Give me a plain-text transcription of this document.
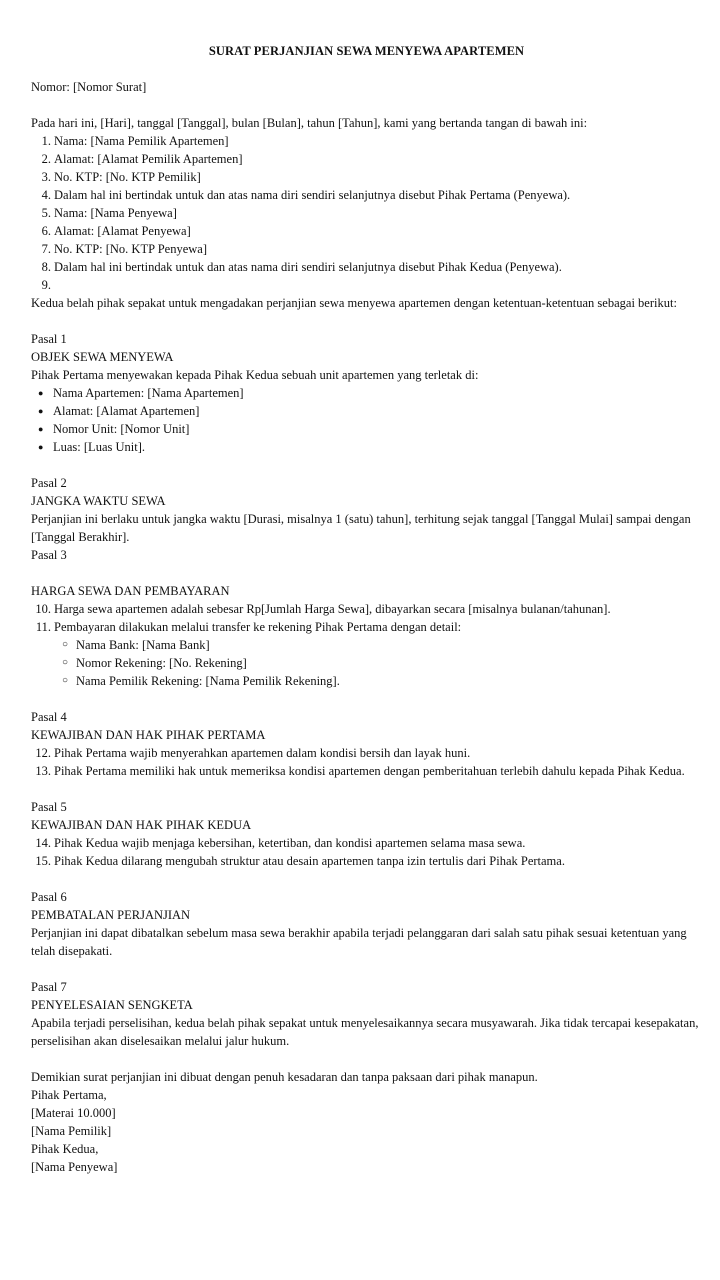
SURAT PERJANJIAN SEWA MENYEWA APARTEMEN

Nomor: [Nomor Surat]

Pada hari ini, [Hari], tanggal [Tanggal], bulan [Bulan], tahun [Tahun], kami yang bertanda tangan di bawah ini:

1. Nama: [Nama Pemilik Apartemen]
2. Alamat: [Alamat Pemilik Apartemen]
3. No. KTP: [No. KTP Pemilik]
4. Dalam hal ini bertindak untuk dan atas nama diri sendiri selanjutnya disebut Pihak Pertama (Penyewa).
5. Nama: [Nama Penyewa]
6. Alamat: [Alamat Penyewa]
7. No. KTP: [No. KTP Penyewa]
8. Dalam hal ini bertindak untuk dan atas nama diri sendiri selanjutnya disebut Pihak Kedua (Penyewa).
9.

Kedua belah pihak sepakat untuk mengadakan perjanjian sewa menyewa apartemen dengan ketentuan-ketentuan sebagai berikut:

Pasal 1

OBJEK SEWA MENYEWA

Pihak Pertama menyewakan kepada Pihak Kedua sebuah unit apartemen yang terletak di:

● Nama Apartemen: [Nama Apartemen]
● Alamat: [Alamat Apartemen]
● Nomor Unit: [Nomor Unit]
● Luas: [Luas Unit].

Pasal 2

JANGKA WAKTU SEWA

Perjanjian ini berlaku untuk jangka waktu [Durasi, misalnya 1 (satu) tahun], terhitung sejak tanggal [Tanggal Mulai] sampai dengan [Tanggal Berakhir].

Pasal 3

HARGA SEWA DAN PEMBAYARAN

10. Harga sewa apartemen adalah sebesar Rp[Jumlah Harga Sewa], dibayarkan secara [misalnya bulanan/tahunan].
11. Pembayaran dilakukan melalui transfer ke rekening Pihak Pertama dengan detail:
○ Nama Bank: [Nama Bank]
○ Nomor Rekening: [No. Rekening]
○ Nama Pemilik Rekening: [Nama Pemilik Rekening].

Pasal 4

KEWAJIBAN DAN HAK PIHAK PERTAMA

12. Pihak Pertama wajib menyerahkan apartemen dalam kondisi bersih dan layak huni.
13. Pihak Pertama memiliki hak untuk memeriksa kondisi apartemen dengan pemberitahuan terlebih dahulu kepada Pihak Kedua.

Pasal 5

KEWAJIBAN DAN HAK PIHAK KEDUA

14. Pihak Kedua wajib menjaga kebersihan, ketertiban, dan kondisi apartemen selama masa sewa.
15. Pihak Kedua dilarang mengubah struktur atau desain apartemen tanpa izin tertulis dari Pihak Pertama.

Pasal 6

PEMBATALAN PERJANJIAN

Perjanjian ini dapat dibatalkan sebelum masa sewa berakhir apabila terjadi pelanggaran dari salah satu pihak sesuai ketentuan yang telah disepakati.

Pasal 7

PENYELESAIAN SENGKETA

Apabila terjadi perselisihan, kedua belah pihak sepakat untuk menyelesaikannya secara musyawarah. Jika tidak tercapai kesepakatan, perselisihan akan diselesaikan melalui jalur hukum.

Demikian surat perjanjian ini dibuat dengan penuh kesadaran dan tanpa paksaan dari pihak manapun.

Pihak Pertama,

[Materai 10.000]

[Nama Pemilik]

Pihak Kedua,

[Nama Penyewa]
